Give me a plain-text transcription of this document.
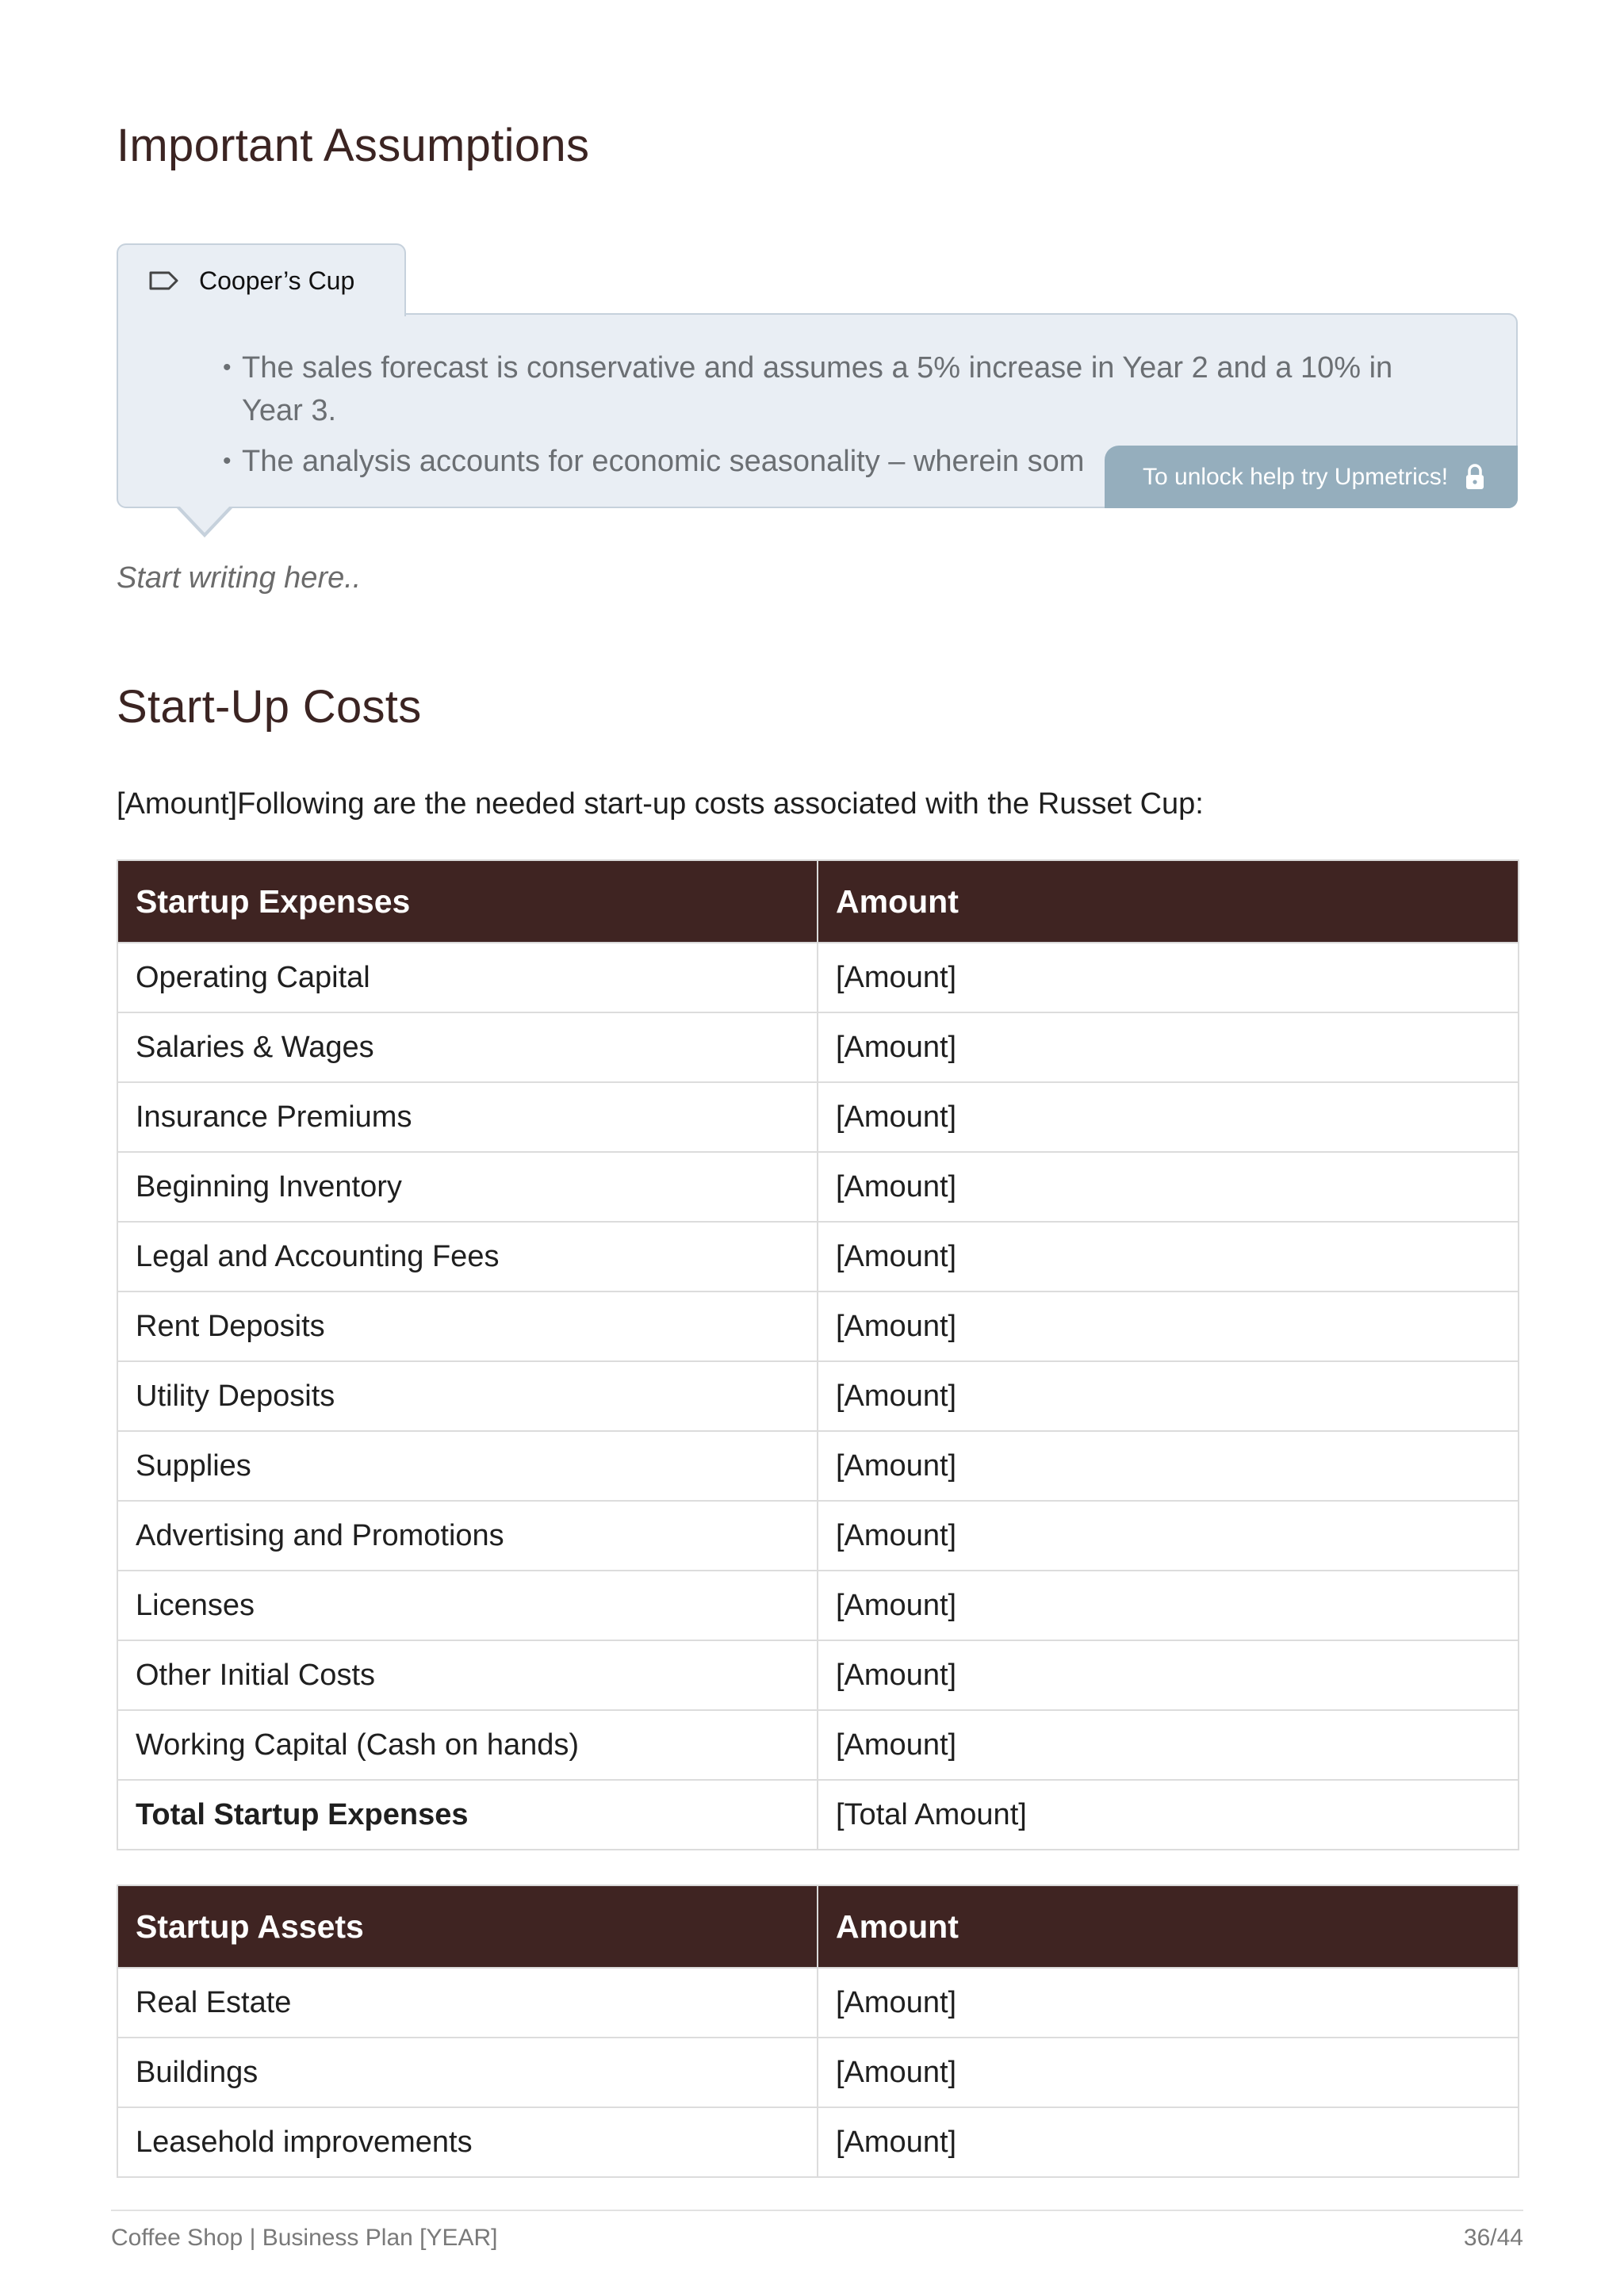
Important Assumptions
Cooper’s Cup
• The sales forecast is conservative and assumes a 5% increase in Year 2 and a 10% in Year 3.
• The analysis accounts for economic seasonality – wherein som	To unlock help try Upmetrics!
Start writing here..
Start-Up Costs

[Amount]Following are the needed start-up costs associated with the Russet Cup:

Startup Expenses	Amount
Operating Capital	[Amount]
Salaries & Wages	[Amount]
Insurance Premiums	[Amount]
Beginning Inventory	[Amount]
Legal and Accounting Fees	[Amount]
Rent Deposits	[Amount]
Utility Deposits	[Amount]
Supplies	[Amount]
Advertising and Promotions	[Amount]
Licenses	[Amount]
Other Initial Costs	[Amount]
Working Capital (Cash on hands)	[Amount]
Total Startup Expenses	[Total Amount]
Startup Assets	Amount
Real Estate	[Amount]
Buildings	[Amount]
Leasehold improvements	[Amount]
Coffee Shop | Business Plan [YEAR]	36/44
